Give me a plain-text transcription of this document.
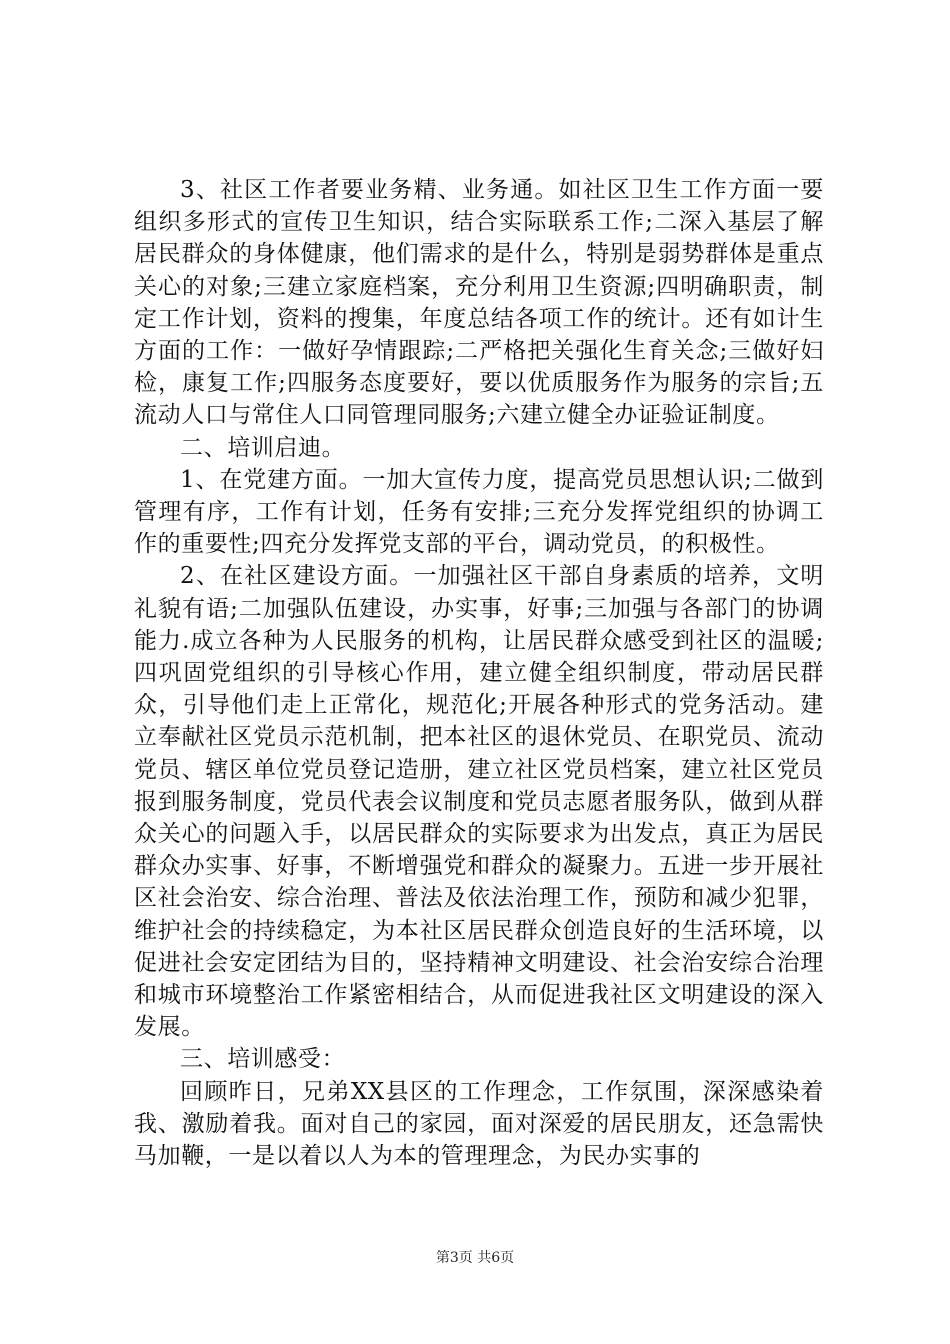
3、社区工作者要业务精、业务通。如社区卫生工作方面一要组织多形式的宣传卫生知识，结合实际联系工作;二深入基层了解居民群众的身体健康，他们需求的是什么，特别是弱势群体是重点关心的对象;三建立家庭档案，充分利用卫生资源;四明确职责，制定工作计划，资料的搜集，年度总结各项工作的统计。还有如计生方面的工作：一做好孕情跟踪;二严格把关强化生育关念;三做好妇检，康复工作;四服务态度要好，要以优质服务作为服务的宗旨;五流动人口与常住人口同管理同服务;六建立健全办证验证制度。

二、培训启迪。

1、在党建方面。一加大宣传力度，提高党员思想认识;二做到管理有序，工作有计划，任务有安排;三充分发挥党组织的协调工作的重要性;四充分发挥党支部的平台，调动党员，的积极性。

2、在社区建设方面。一加强社区干部自身素质的培养，文明礼貌有语;二加强队伍建设，办实事，好事;三加强与各部门的协调能力.成立各种为人民服务的机构，让居民群众感受到社区的温暖;四巩固党组织的引导核心作用，建立健全组织制度，带动居民群众，引导他们走上正常化，规范化;开展各种形式的党务活动。建立奉献社区党员示范机制，把本社区的退休党员、在职党员、流动党员、辖区单位党员登记造册，建立社区党员档案，建立社区党员报到服务制度，党员代表会议制度和党员志愿者服务队，做到从群众关心的问题入手，以居民群众的实际要求为出发点，真正为居民群众办实事、好事，不断增强党和群众的凝聚力。五进一步开展社区社会治安、综合治理、普法及依法治理工作，预防和减少犯罪，维护社会的持续稳定，为本社区居民群众创造良好的生活环境，以促进社会安定团结为目的，坚持精神文明建设、社会治安综合治理和城市环境整治工作紧密相结合，从而促进我社区文明建设的深入发展。

三、培训感受：

回顾昨日，兄弟XX县区的工作理念，工作氛围，深深感染着我、激励着我。面对自己的家园，面对深爱的居民朋友，还急需快马加鞭，一是以着以人为本的管理理念，为民办实事的

第3页 共6页
